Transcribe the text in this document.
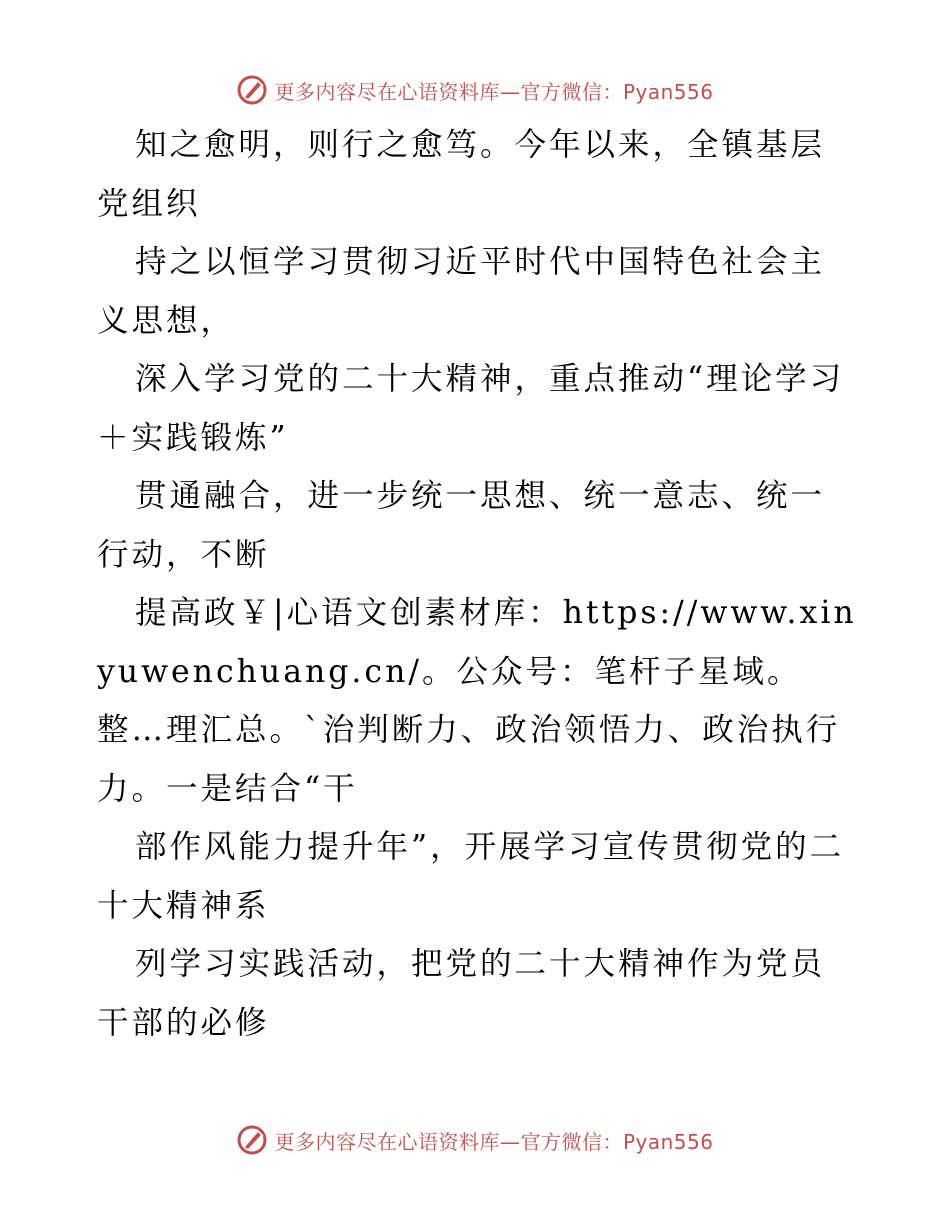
更多内容尽在心语资料库—官方微信：Pyan556

知之愈明，则行之愈笃。今年以来，全镇基层党组织

持之以恒学习贯彻习近平时代中国特色社会主义思想，

深入学习党的二十大精神，重点推动“理论学习＋实践锻炼”

贯通融合，进一步统一思想、统一意志、统一行动，不断

提高政￥|心语文创素材库：https://www.xinyuwenchuang.cn/。公众号：笔杆子星域。整…理汇总。`治判断力、政治领悟力、政治执行力。一是结合“干

部作风能力提升年”，开展学习宣传贯彻党的二十大精神系

列学习实践活动，把党的二十大精神作为党员干部的必修

更多内容尽在心语资料库—官方微信：Pyan556
